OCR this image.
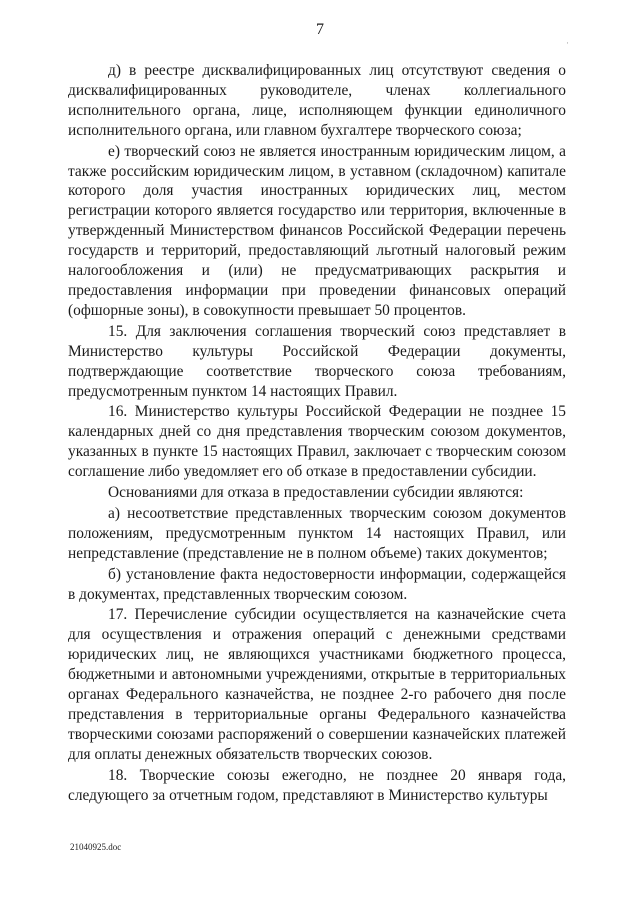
7
·

д) в реестре дисквалифицированных лиц отсутствуют сведения о дисквалифицированных руководителе, членах коллегиального исполнительного органа, лице, исполняющем функции единоличного исполнительного органа, или главном бухгалтере творческого союза;

е) творческий союз не является иностранным юридическим лицом, а также российским юридическим лицом, в уставном (складочном) капитале которого доля участия иностранных юридических лиц, местом регистрации которого является государство или территория, включенные в утвержденный Министерством финансов Российской Федерации перечень государств и территорий, предоставляющий льготный налоговый режим налогообложения и (или) не предусматривающих раскрытия и предоставления информации при проведении финансовых операций (офшорные зоны), в совокупности превышает 50 процентов.

15. Для заключения соглашения творческий союз представляет в Министерство культуры Российской Федерации документы, подтверждающие соответствие творческого союза требованиям, предусмотренным пунктом 14 настоящих Правил.

16. Министерство культуры Российской Федерации не позднее 15 календарных дней со дня представления творческим союзом документов, указанных в пункте 15 настоящих Правил, заключает с творческим союзом соглашение либо уведомляет его об отказе в предоставлении субсидии.

Основаниями для отказа в предоставлении субсидии являются:

а) несоответствие представленных творческим союзом документов положениям, предусмотренным пунктом 14 настоящих Правил, или непредставление (представление не в полном объеме) таких документов;

б) установление факта недостоверности информации, содержащейся в документах, представленных творческим союзом.

17. Перечисление субсидии осуществляется на казначейские счета для осуществления и отражения операций с денежными средствами юридических лиц, не являющихся участниками бюджетного процесса, бюджетными и автономными учреждениями, открытые в территориальных органах Федерального казначейства, не позднее 2-го рабочего дня после представления в территориальные органы Федерального казначейства творческими союзами распоряжений о совершении казначейских платежей для оплаты денежных обязательств творческих союзов.

18. Творческие союзы ежегодно, не позднее 20 января года, следующего за отчетным годом, представляют в Министерство культуры

21040925.doc
